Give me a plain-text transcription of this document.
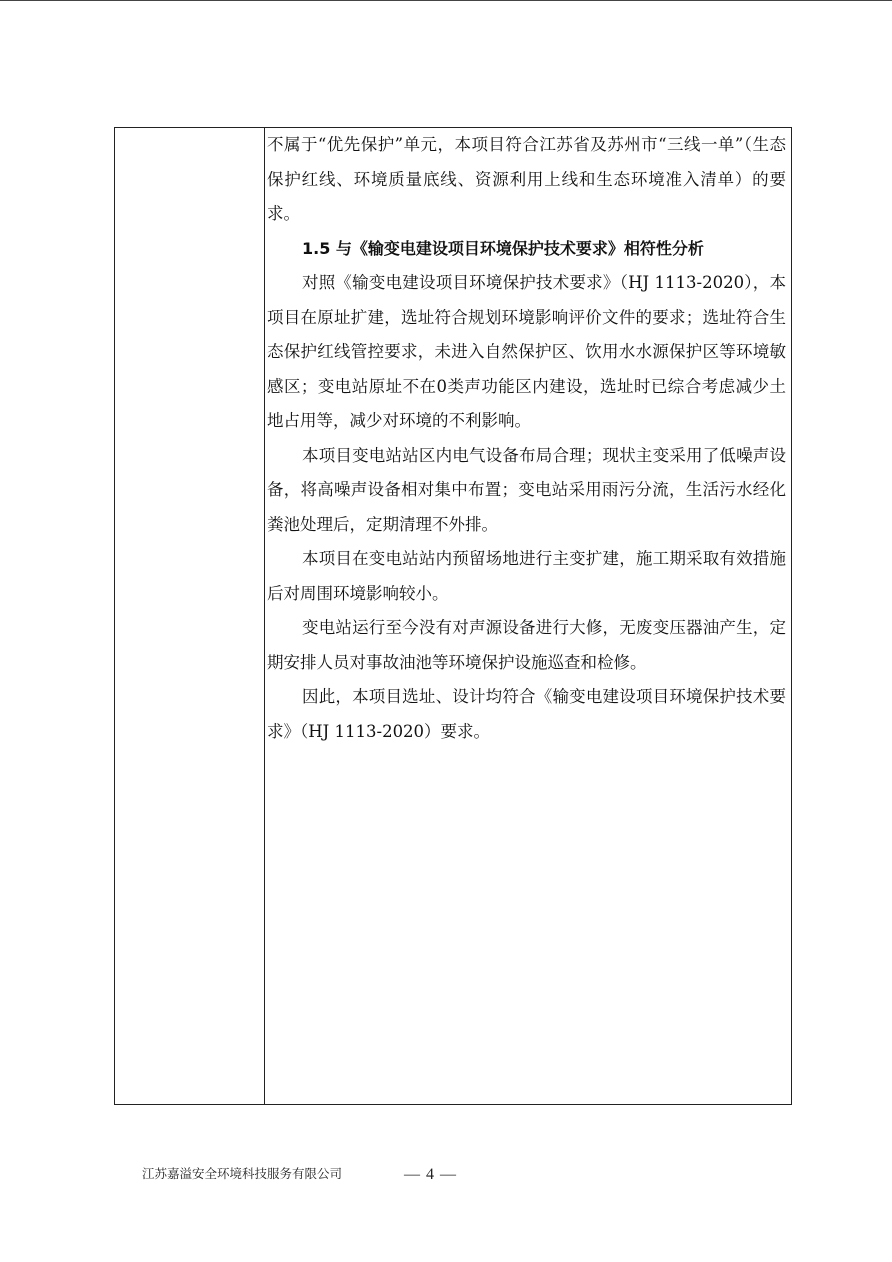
不属于“优先保护”单元，本项目符合江苏省及苏州市“三线一单”（生态保护红线、环境质量底线、资源利用上线和生态环境准入清单）的要求。

1.5 与《输变电建设项目环境保护技术要求》相符性分析

对照《输变电建设项目环境保护技术要求》（HJ 1113-2020），本项目在原址扩建，选址符合规划环境影响评价文件的要求；选址符合生态保护红线管控要求，未进入自然保护区、饮用水水源保护区等环境敏感区；变电站原址不在0类声功能区内建设，选址时已综合考虑减少土地占用等，减少对环境的不利影响。

本项目变电站站区内电气设备布局合理；现状主变采用了低噪声设备，将高噪声设备相对集中布置；变电站采用雨污分流，生活污水经化粪池处理后，定期清理不外排。

本项目在变电站站内预留场地进行主变扩建，施工期采取有效措施后对周围环境影响较小。

变电站运行至今没有对声源设备进行大修，无废变压器油产生，定期安排人员对事故油池等环境保护设施巡查和检修。

因此，本项目选址、设计均符合《输变电建设项目环境保护技术要求》（HJ 1113-2020）要求。

江苏嘉溢安全环境科技服务有限公司	— 4 —
